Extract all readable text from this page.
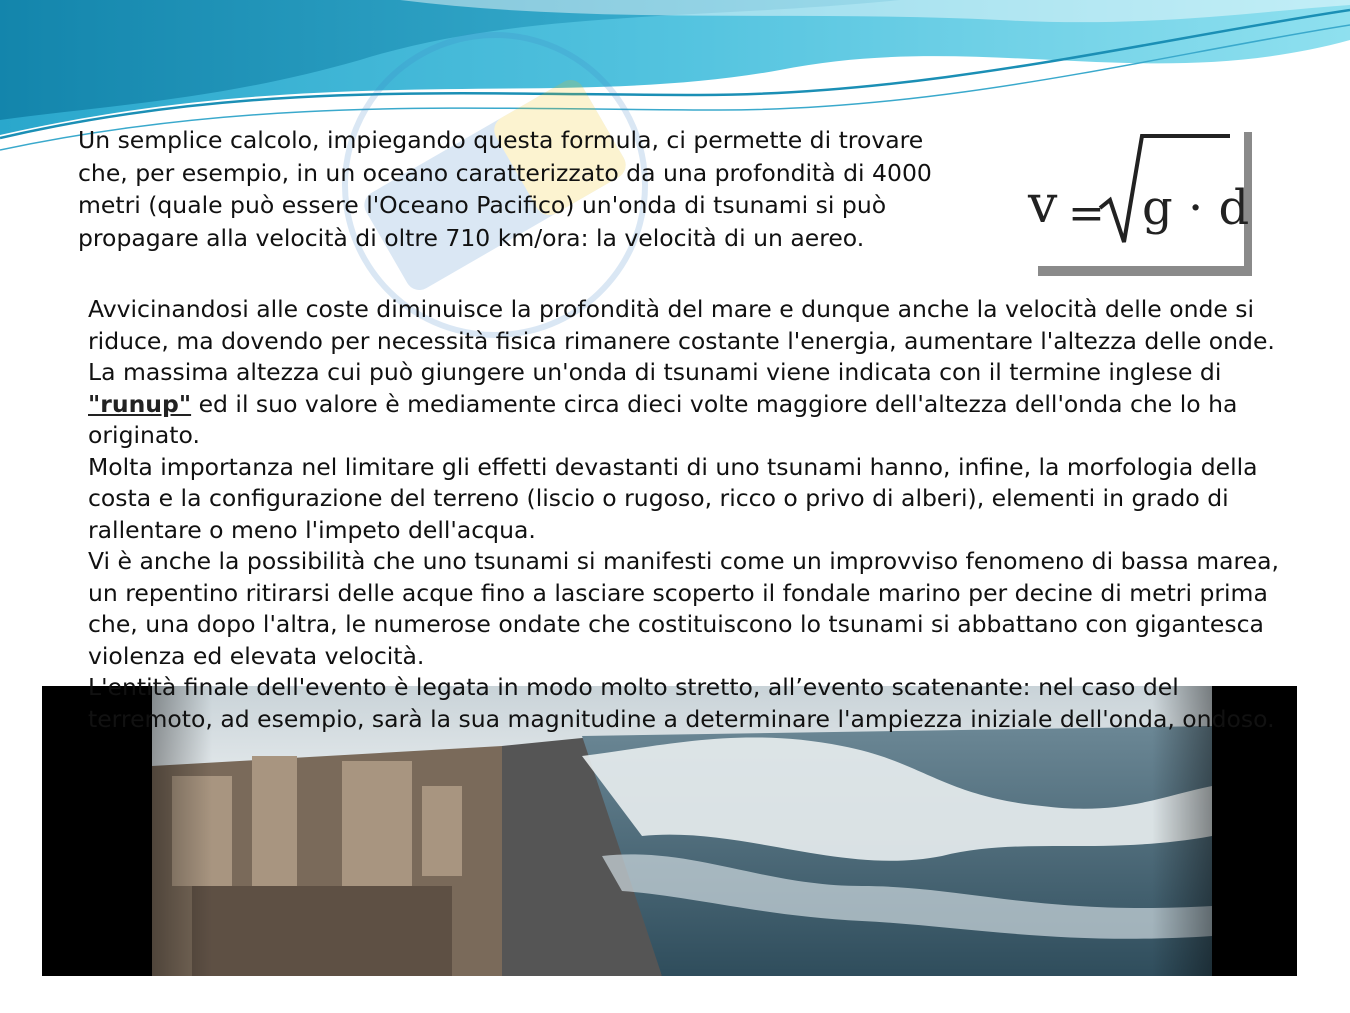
Un semplice calcolo, impiegando questa formula, ci permette di trovare che, per esempio, in un oceano caratterizzato da una profondità di 4000 metri (quale può essere l'Oceano Pacifico) un'onda di tsunami si può propagare alla velocità di oltre 710 km/ora: la velocità di un aereo.

v = g · d

Avvicinandosi alle coste diminuisce la profondità del mare e dunque anche la velocità delle onde si riduce, ma dovendo per necessità fisica rimanere costante l'energia, aumentare l'altezza delle onde.

La massima altezza cui può giungere un'onda di tsunami viene indicata con il termine inglese di "runup" ed il suo valore è mediamente circa dieci volte maggiore dell'altezza dell'onda che lo ha originato.

Molta importanza nel limitare gli effetti devastanti di uno tsunami hanno, infine, la morfologia della costa e la configurazione del terreno (liscio o rugoso, ricco o privo di alberi), elementi in grado di rallentare o meno l'impeto dell'acqua.

Vi è anche la possibilità che uno tsunami si manifesti come un improvviso fenomeno di bassa marea, un repentino ritirarsi delle acque fino a lasciare scoperto il fondale marino per decine di metri prima che, una dopo l'altra, le numerose ondate che costituiscono lo tsunami si abbattano con gigantesca violenza ed elevata velocità.

L'entità finale dell'evento è legata in modo molto stretto, all’evento scatenante: nel caso del terremoto, ad esempio, sarà la sua magnitudine a determinare l'ampiezza iniziale dell'onda, ondoso.
